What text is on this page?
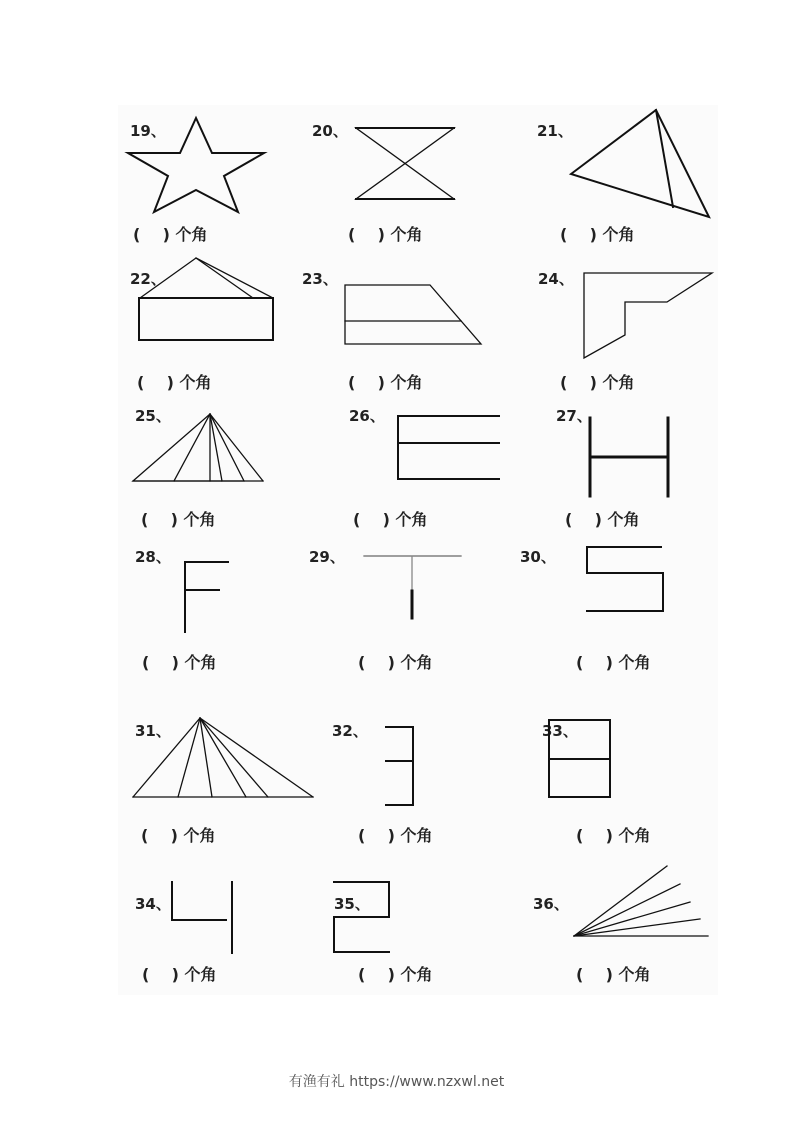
19、
(    ) 个角
20、
(    ) 个角
21、
(    ) 个角
22、
(    ) 个角
23、
(    ) 个角
24、
(    ) 个角
25、
(    ) 个角
26、
(    ) 个角
27、
(    ) 个角
28、
(    ) 个角
29、
(    ) 个角
30、
(    ) 个角
31、
(    ) 个角
32、
(    ) 个角
33、
(    ) 个角
34、
(    ) 个角
35、
(    ) 个角
36、
(    ) 个角
有渔有礼 https://www.nzxwl.net
